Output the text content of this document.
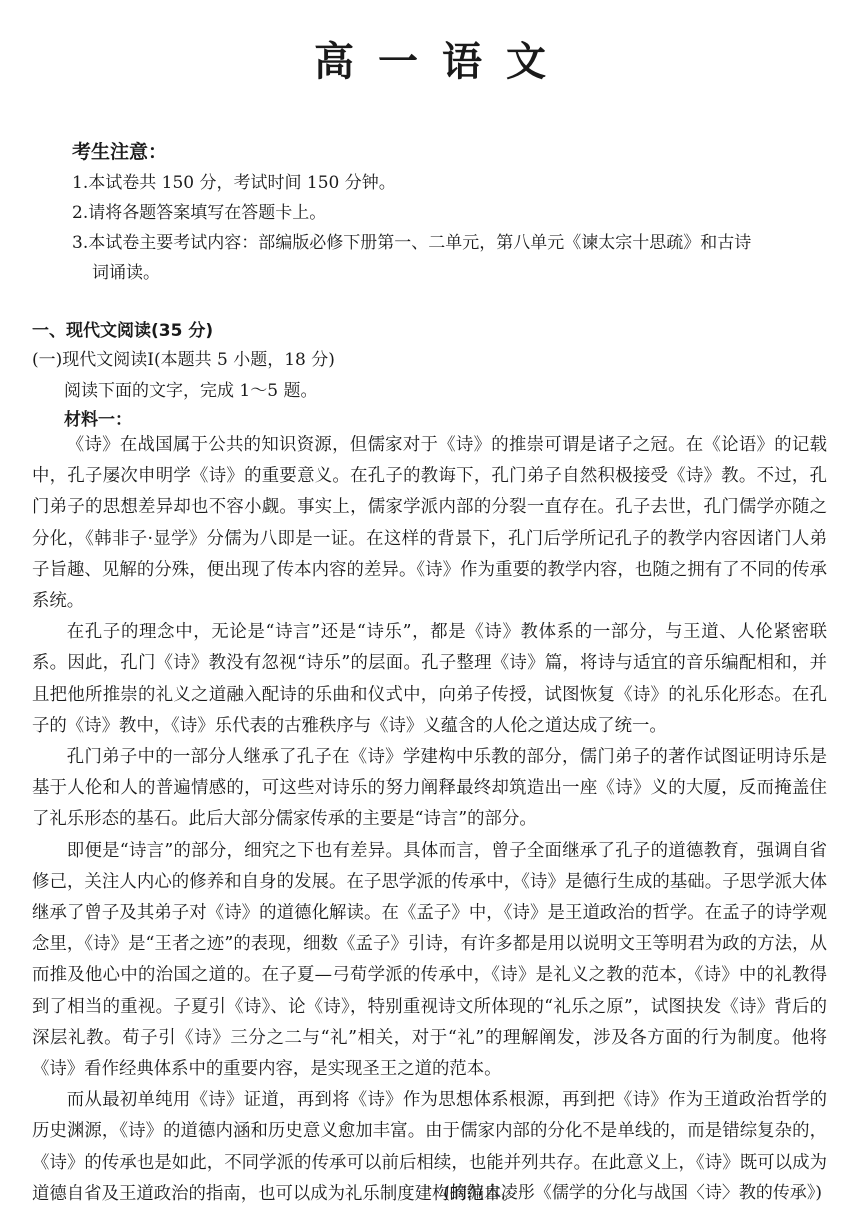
高一语文
考生注意：
1.本试卷共 150 分，考试时间 150 分钟。
2.请将各题答案填写在答题卡上。
3.本试卷主要考试内容：部编版必修下册第一、二单元，第八单元《谏太宗十思疏》和古诗
词诵读。
一、现代文阅读(35 分)
(一)现代文阅读Ⅰ(本题共 5 小题，18 分)
阅读下面的文字，完成 1～5 题。
材料一：

《诗》在战国属于公共的知识资源，但儒家对于《诗》的推崇可谓是诸子之冠。在《论语》的记载中，孔子屡次申明学《诗》的重要意义。在孔子的教诲下，孔门弟子自然积极接受《诗》教。不过，孔门弟子的思想差异却也不容小觑。事实上，儒家学派内部的分裂一直存在。孔子去世，孔门儒学亦随之分化，《韩非子·显学》分儒为八即是一证。在这样的背景下，孔门后学所记孔子的教学内容因诸门人弟子旨趣、见解的分殊，便出现了传本内容的差异。《诗》作为重要的教学内容，也随之拥有了不同的传承系统。

在孔子的理念中，无论是“诗言”还是“诗乐”，都是《诗》教体系的一部分，与王道、人伦紧密联系。因此，孔门《诗》教没有忽视“诗乐”的层面。孔子整理《诗》篇，将诗与适宜的音乐编配相和，并且把他所推崇的礼义之道融入配诗的乐曲和仪式中，向弟子传授，试图恢复《诗》的礼乐化形态。在孔子的《诗》教中，《诗》乐代表的古雅秩序与《诗》义蕴含的人伦之道达成了统一。

孔门弟子中的一部分人继承了孔子在《诗》学建构中乐教的部分，儒门弟子的著作试图证明诗乐是基于人伦和人的普遍情感的，可这些对诗乐的努力阐释最终却筑造出一座《诗》义的大厦，反而掩盖住了礼乐形态的基石。此后大部分儒家传承的主要是“诗言”的部分。

即便是“诗言”的部分，细究之下也有差异。具体而言，曾子全面继承了孔子的道德教育，强调自省修己，关注人内心的修养和自身的发展。在子思学派的传承中，《诗》是德行生成的基础。子思学派大体继承了曾子及其弟子对《诗》的道德化解读。在《孟子》中，《诗》是王道政治的哲学。在孟子的诗学观念里，《诗》是“王者之迹”的表现，细数《孟子》引诗，有许多都是用以说明文王等明君为政的方法，从而推及他心中的治国之道的。在子夏—弓荀学派的传承中，《诗》是礼义之教的范本，《诗》中的礼教得到了相当的重视。子夏引《诗》、论《诗》，特别重视诗文所体现的“礼乐之原”，试图抉发《诗》背后的深层礼教。荀子引《诗》三分之二与“礼”相关，对于“礼”的理解阐发，涉及各方面的行为制度。他将《诗》看作经典体系中的重要内容，是实现圣王之道的范本。

而从最初单纯用《诗》证道，再到将《诗》作为思想体系根源，再到把《诗》作为王道政治哲学的历史渊源，《诗》的道德内涵和历史意义愈加丰富。由于儒家内部的分化不是单线的，而是错综复杂的，《诗》的传承也是如此，不同学派的传承可以前后相续，也能并列共存。在此意义上，《诗》既可以成为道德自省及王道政治的指南，也可以成为礼乐制度建构的范本。

(摘编自凌彤《儒学的分化与战国〈诗〉教的传承》)
